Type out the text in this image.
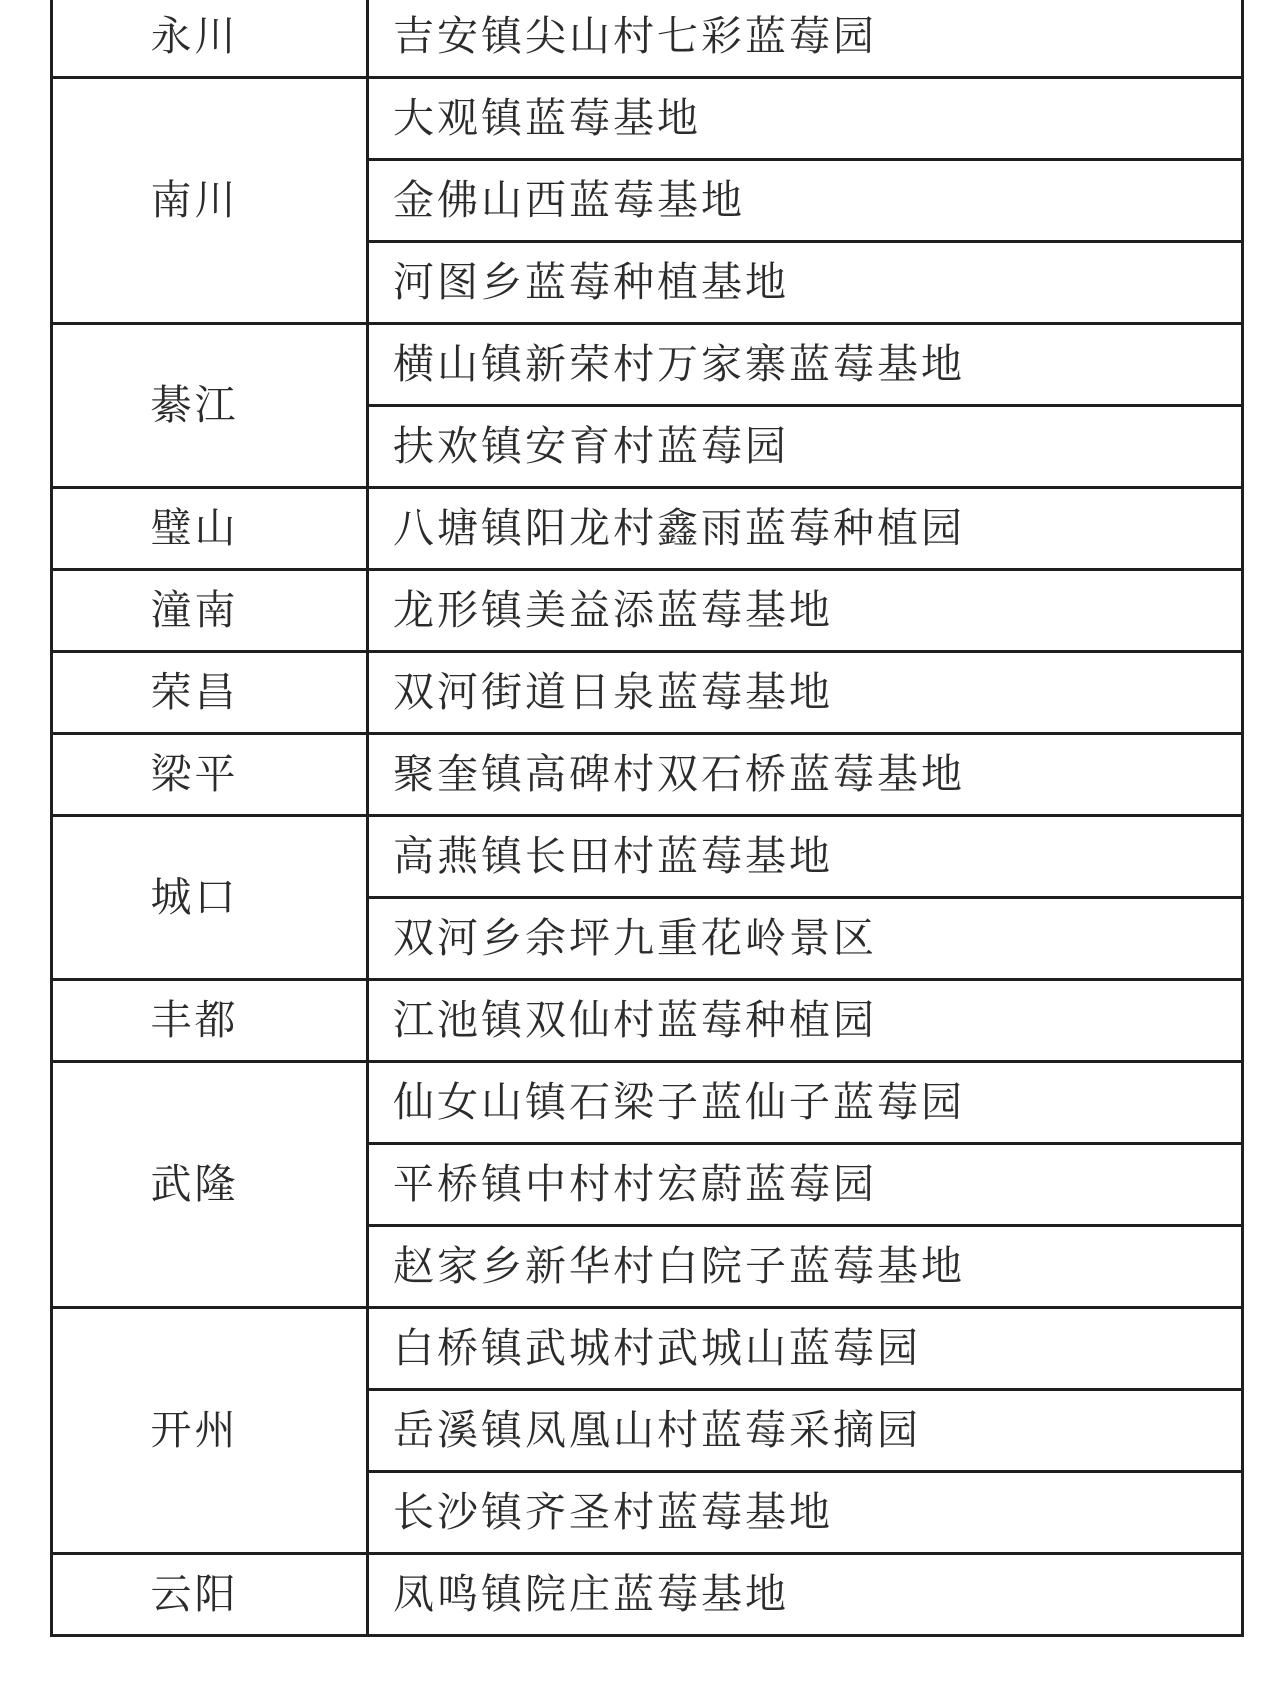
永川	吉安镇尖山村七彩蓝莓园
南川	大观镇蓝莓基地
	金佛山西蓝莓基地
	河图乡蓝莓种植基地
綦江	横山镇新荣村万家寨蓝莓基地
	扶欢镇安育村蓝莓园
璧山	八塘镇阳龙村鑫雨蓝莓种植园
潼南	龙形镇美益添蓝莓基地
荣昌	双河街道日泉蓝莓基地
梁平	聚奎镇高碑村双石桥蓝莓基地
城口	高燕镇长田村蓝莓基地
	双河乡余坪九重花岭景区
丰都	江池镇双仙村蓝莓种植园
武隆	仙女山镇石梁子蓝仙子蓝莓园
	平桥镇中村村宏蔚蓝莓园
	赵家乡新华村白院子蓝莓基地
开州	白桥镇武城村武城山蓝莓园
	岳溪镇凤凰山村蓝莓采摘园
	长沙镇齐圣村蓝莓基地
云阳	凤鸣镇院庄蓝莓基地
